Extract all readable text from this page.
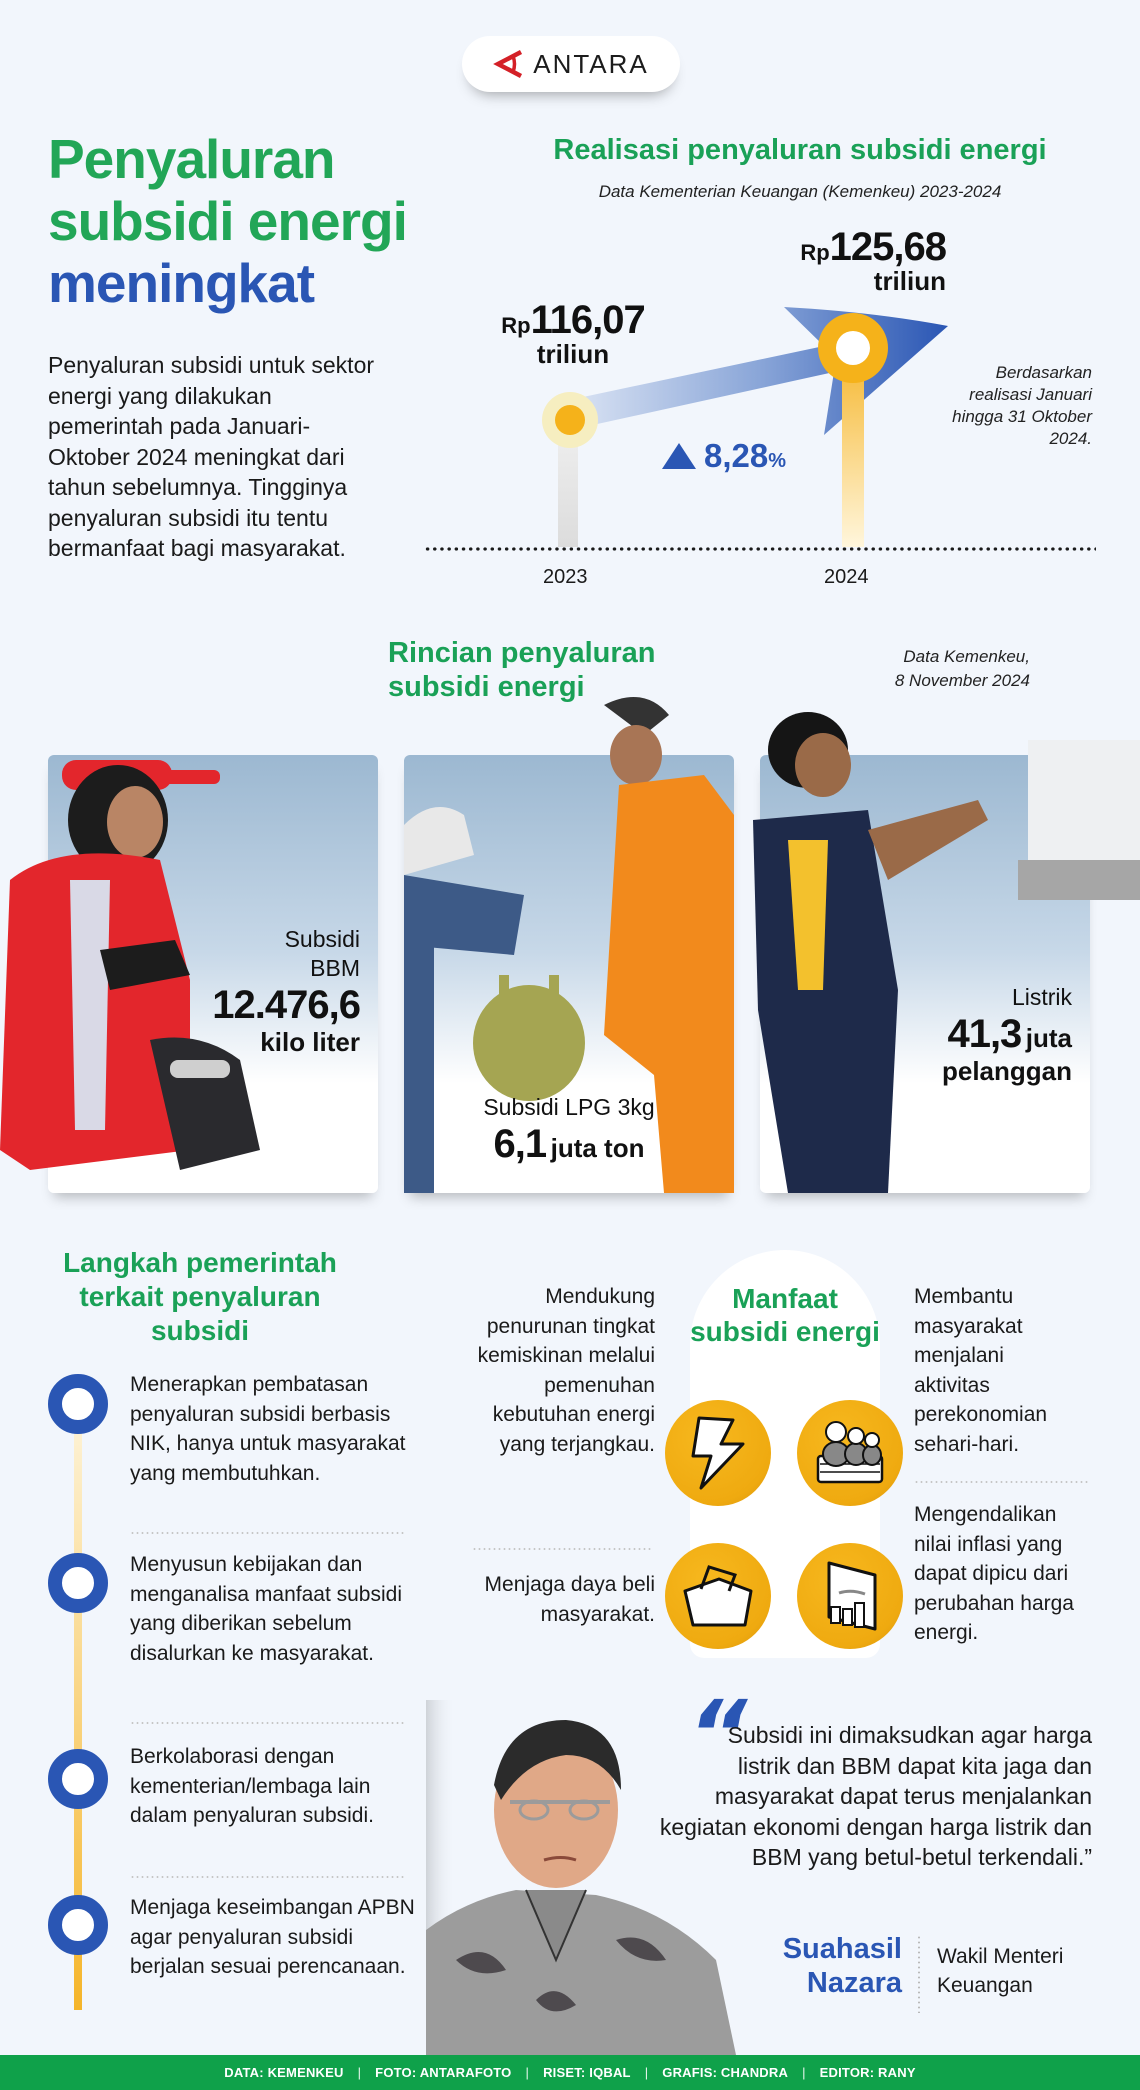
ANTARA
Penyaluran
subsidi energi
meningkat

Penyaluran subsidi untuk sektor energi yang dilakukan pemerintah pada Januari-Oktober 2024 meningkat dari tahun sebelumnya. Tingginya penyaluran subsidi itu tentu bermanfaat bagi masyarakat.

Realisasi penyaluran subsidi energi
Data Kementerian Keuangan (Kemenkeu) 2023-2024
Rp116,07
triliun
Rp125,68
triliun
8,28%
Berdasarkan realisasi Januari hingga 31 Oktober 2024.
2023	2024
Rincian penyaluran
subsidi energi
Data Kemenkeu,
8 November 2024
Subsidi
BBM
12.476,6
kilo liter
Subsidi LPG 3kg
6,1 juta ton
Listrik
41,3 juta
pelanggan
Langkah pemerintah terkait penyaluran subsidi
Menerapkan pembatasan penyaluran subsidi berbasis NIK, hanya untuk masyarakat yang membutuhkan.
Menyusun kebijakan dan menganalisa manfaat subsidi yang diberikan sebelum disalurkan ke masyarakat.
Berkolaborasi dengan kementerian/lembaga lain dalam penyaluran subsidi.
Menjaga keseimbangan APBN agar penyaluran subsidi berjalan sesuai perencanaan.
Manfaat subsidi energi
Mendukung penurunan tingkat kemiskinan melalui pemenuhan kebutuhan energi yang terjangkau.
Membantu masyarakat menjalani aktivitas perekonomian sehari-hari.
Menjaga daya beli masyarakat.
Mengendalikan nilai inflasi yang dapat dipicu dari perubahan harga energi.
“
Subsidi ini dimaksudkan agar harga listrik dan BBM dapat kita jaga dan masyarakat dapat terus menjalankan kegiatan ekonomi dengan harga listrik dan BBM yang betul-betul terkendali.”
Suahasil
Nazara
Wakil Menteri
Keuangan
DATA: KEMENKEU | FOTO: ANTARAFOTO | RISET: IQBAL | GRAFIS: CHANDRA | EDITOR: RANY
